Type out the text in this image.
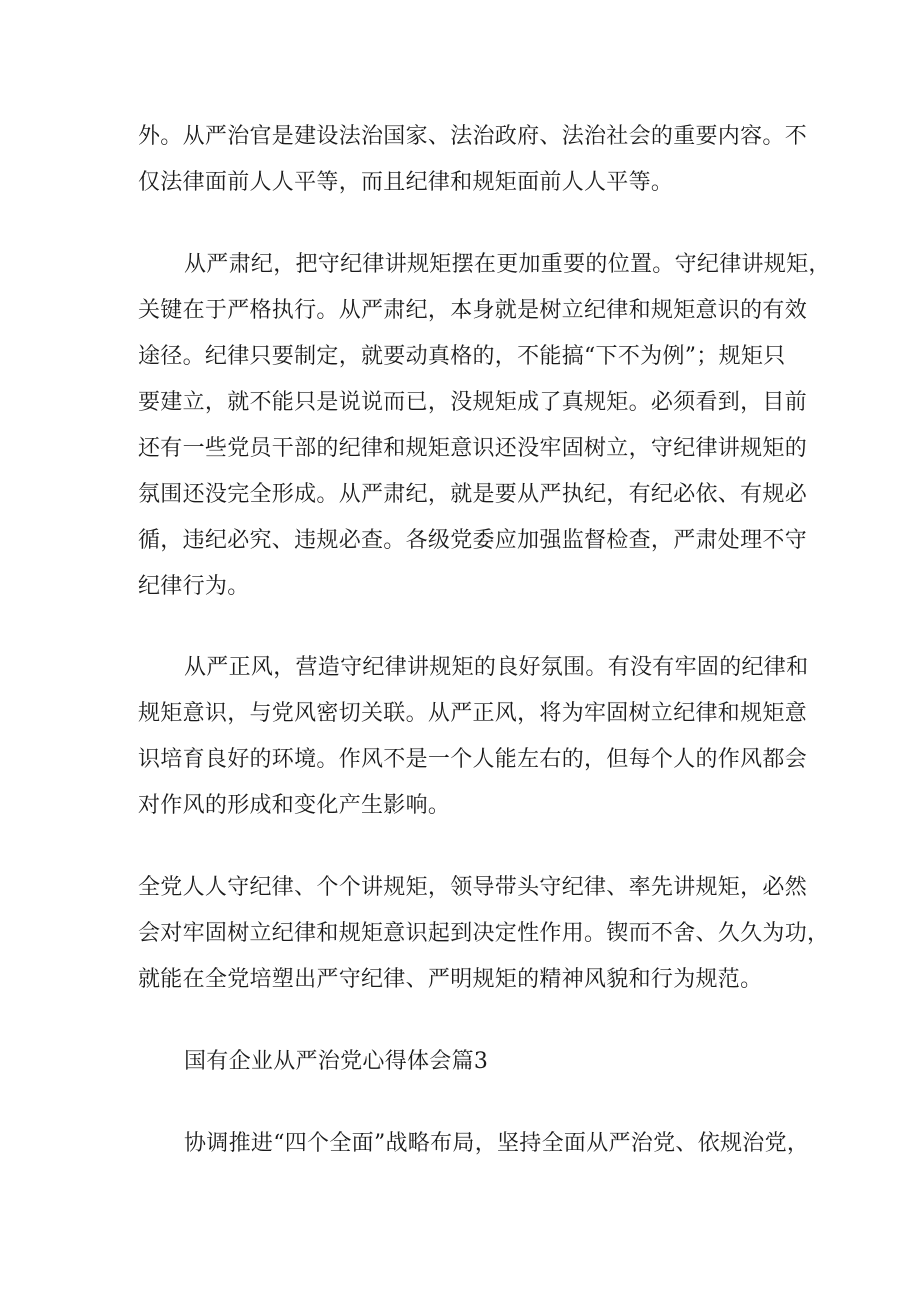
外。从严治官是建设法治国家、法治政府、法治社会的重要内容。不
仅法律面前人人平等，而且纪律和规矩面前人人平等。
从严肃纪，把守纪律讲规矩摆在更加重要的位置。守纪律讲规矩，
关键在于严格执行。从严肃纪，本身就是树立纪律和规矩意识的有效
途径。纪律只要制定，就要动真格的，不能搞“下不为例”；规矩只
要建立，就不能只是说说而已，没规矩成了真规矩。必须看到，目前
还有一些党员干部的纪律和规矩意识还没牢固树立，守纪律讲规矩的
氛围还没完全形成。从严肃纪，就是要从严执纪，有纪必依、有规必
循，违纪必究、违规必查。各级党委应加强监督检查，严肃处理不守
纪律行为。
从严正风，营造守纪律讲规矩的良好氛围。有没有牢固的纪律和
规矩意识，与党风密切关联。从严正风，将为牢固树立纪律和规矩意
识培育良好的环境。作风不是一个人能左右的，但每个人的作风都会
对作风的形成和变化产生影响。
全党人人守纪律、个个讲规矩，领导带头守纪律、率先讲规矩，必然
会对牢固树立纪律和规矩意识起到决定性作用。锲而不舍、久久为功，
就能在全党培塑出严守纪律、严明规矩的精神风貌和行为规范。
国有企业从严治党心得体会篇3
协调推进“四个全面”战略布局，坚持全面从严治党、依规治党，
